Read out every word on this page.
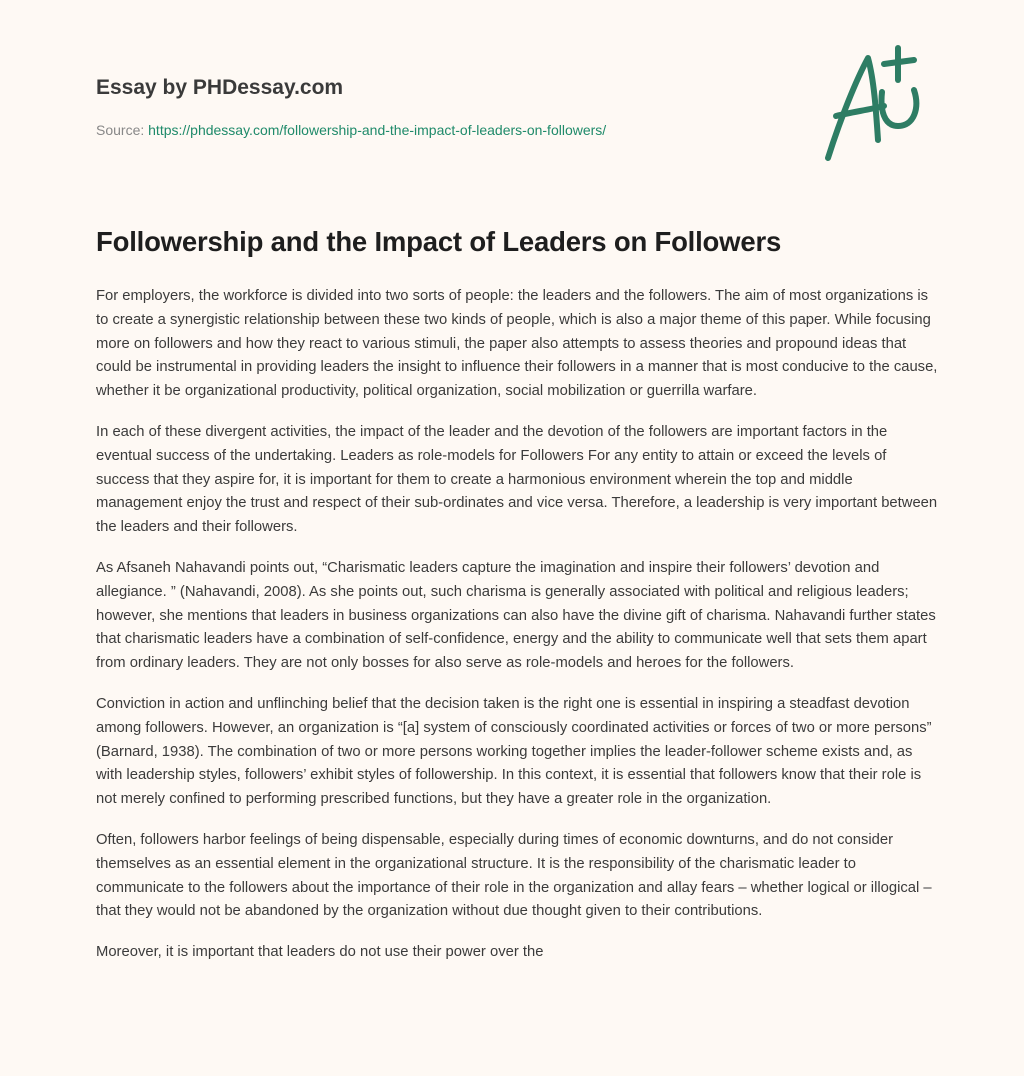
Essay by PHDessay.com
Source: https://phdessay.com/followership-and-the-impact-of-leaders-on-followers/
Followership and the Impact of Leaders on Followers

For employers, the workforce is divided into two sorts of people: the leaders and the followers. The aim of most organizations is to create a synergistic relationship between these two kinds of people, which is also a major theme of this paper. While focusing more on followers and how they react to various stimuli, the paper also attempts to assess theories and propound ideas that could be instrumental in providing leaders the insight to influence their followers in a manner that is most conducive to the cause, whether it be organizational productivity, political organization, social mobilization or guerrilla warfare.

In each of these divergent activities, the impact of the leader and the devotion of the followers are important factors in the eventual success of the undertaking. Leaders as role-models for Followers For any entity to attain or exceed the levels of success that they aspire for, it is important for them to create a harmonious environment wherein the top and middle management enjoy the trust and respect of their sub-ordinates and vice versa. Therefore, a leadership is very important between the leaders and their followers.

As Afsaneh Nahavandi points out, “Charismatic leaders capture the imagination and inspire their followers’ devotion and allegiance. ” (Nahavandi, 2008). As she points out, such charisma is generally associated with political and religious leaders; however, she mentions that leaders in business organizations can also have the divine gift of charisma. Nahavandi further states that charismatic leaders have a combination of self-confidence, energy and the ability to communicate well that sets them apart from ordinary leaders. They are not only bosses for also serve as role-models and heroes for the followers.

Conviction in action and unflinching belief that the decision taken is the right one is essential in inspiring a steadfast devotion among followers. However, an organization is “[a] system of consciously coordinated activities or forces of two or more persons” (Barnard, 1938). The combination of two or more persons working together implies the leader-follower scheme exists and, as with leadership styles, followers’ exhibit styles of followership. In this context, it is essential that followers know that their role is not merely confined to performing prescribed functions, but they have a greater role in the organization.

Often, followers harbor feelings of being dispensable, especially during times of economic downturns, and do not consider themselves as an essential element in the organizational structure. It is the responsibility of the charismatic leader to communicate to the followers about the importance of their role in the organization and allay fears – whether logical or illogical – that they would not be abandoned by the organization without due thought given to their contributions.

Moreover, it is important that leaders do not use their power over the
